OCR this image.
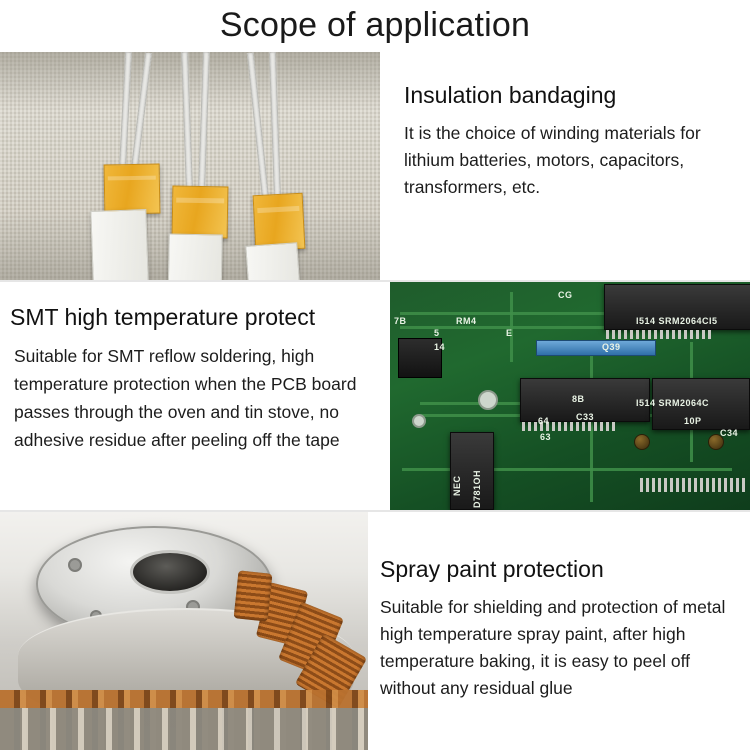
Scope of application
Insulation bandaging
It is the choice of winding materials for lithium batteries, motors, capacitors, transformers, etc.
SMT high temperature protect
Suitable for SMT reflow soldering, high temperature protection when the PCB board passes through the oven and tin stove, no adhesive residue after peeling off the tape
CG
RM4
7B
5
14
E
Q39
I514 SRM2064CI5
I514 SRM2064C
8B
64	C33
63
10P
C34
NEC D781OH
Spray paint protection
Suitable for shielding and protection of metal high temperature spray paint, after high temperature baking, it is easy to peel off without any residual glue
